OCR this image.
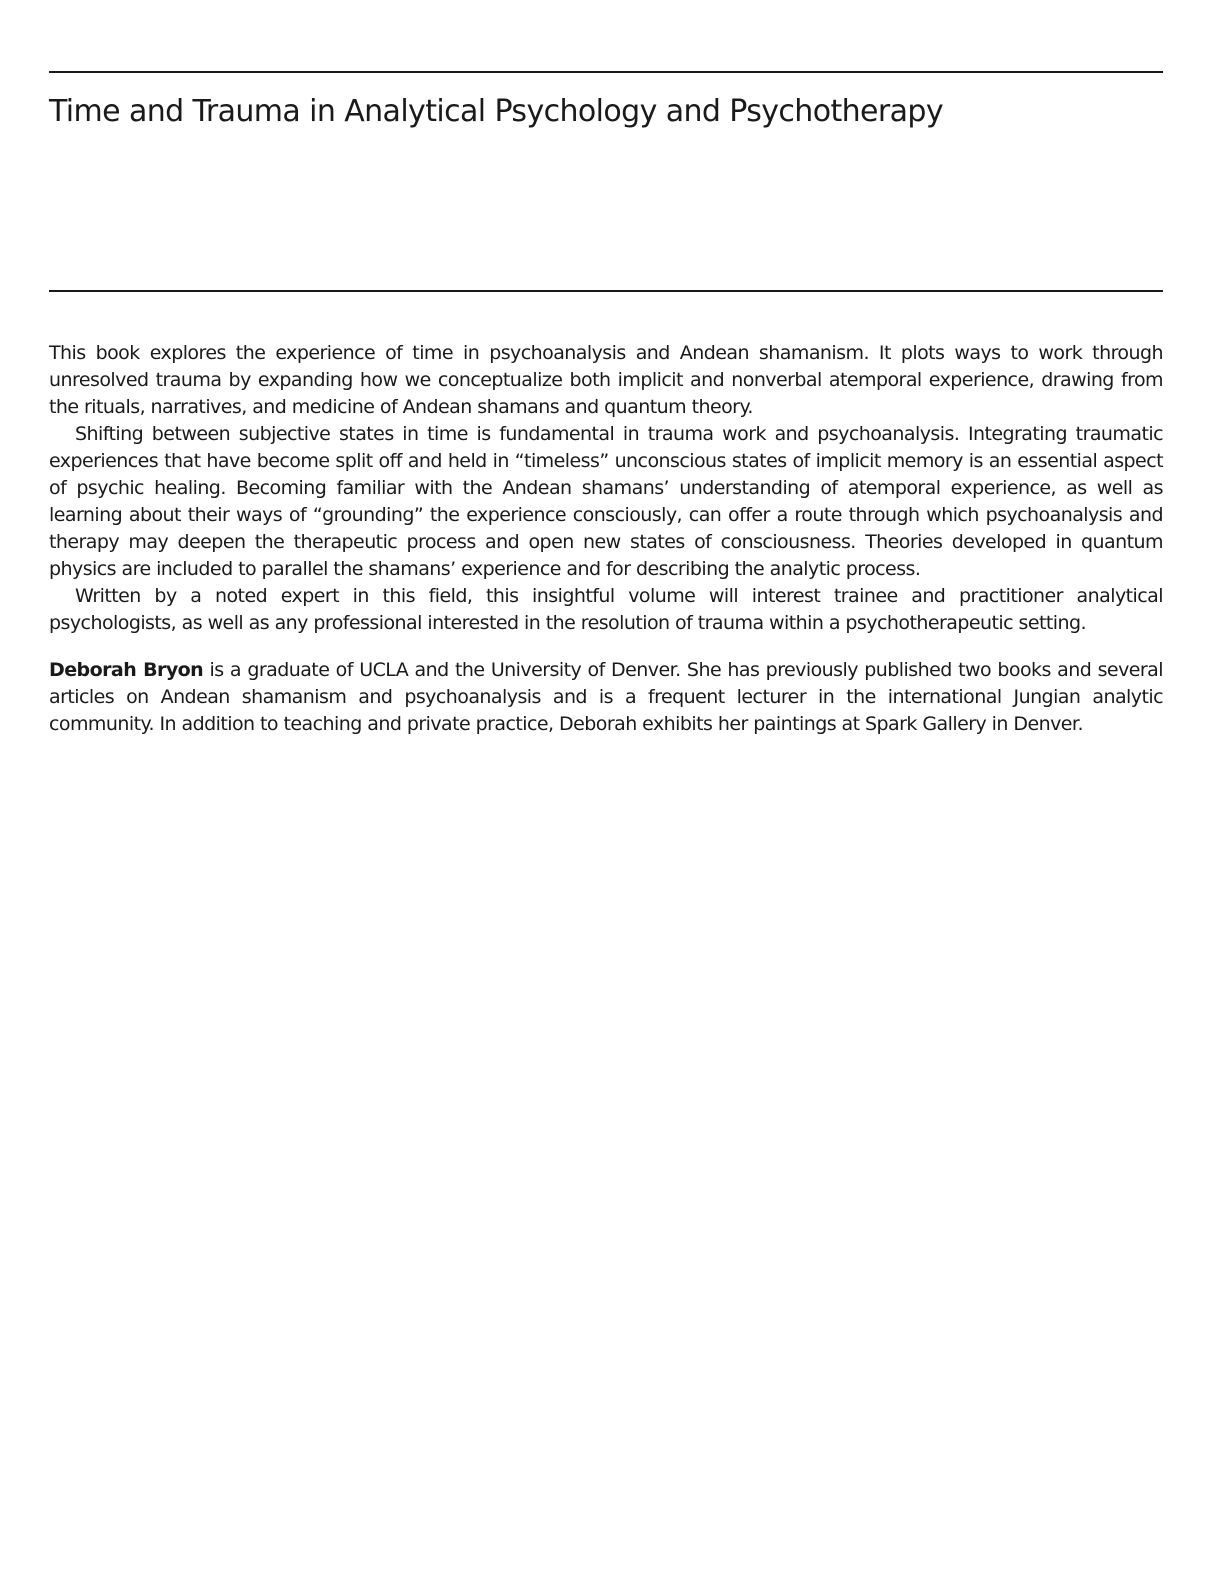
Time and Trauma in Analytical Psychology and Psychotherapy

This book explores the experience of time in psychoanalysis and Andean shamanism. It plots ways to work through unresolved trauma by expanding how we conceptualize both implicit and nonverbal atemporal experience, drawing from the rituals, narratives, and medicine of Andean shamans and quantum theory.

Shifting between subjective states in time is fundamental in trauma work and psychoanalysis. Integrating traumatic experiences that have become split off and held in “timeless” unconscious states of implicit memory is an essential aspect of psychic healing. Becoming familiar with the Andean shamans’ understanding of atemporal experience, as well as learning about their ways of “grounding” the experience consciously, can offer a route through which psychoanalysis and therapy may deepen the therapeutic process and open new states of consciousness. Theories developed in quantum physics are included to parallel the shamans’ experience and for describing the analytic process.

Written by a noted expert in this field, this insightful volume will interest trainee and practitioner analytical psychologists, as well as any professional interested in the resolution of trauma within a psychotherapeutic setting.

Deborah Bryon is a graduate of UCLA and the University of Denver. She has previously published two books and several articles on Andean shamanism and psychoanalysis and is a frequent lecturer in the international Jungian analytic community. In addition to teaching and private practice, Deborah exhibits her paintings at Spark Gallery in Denver.
